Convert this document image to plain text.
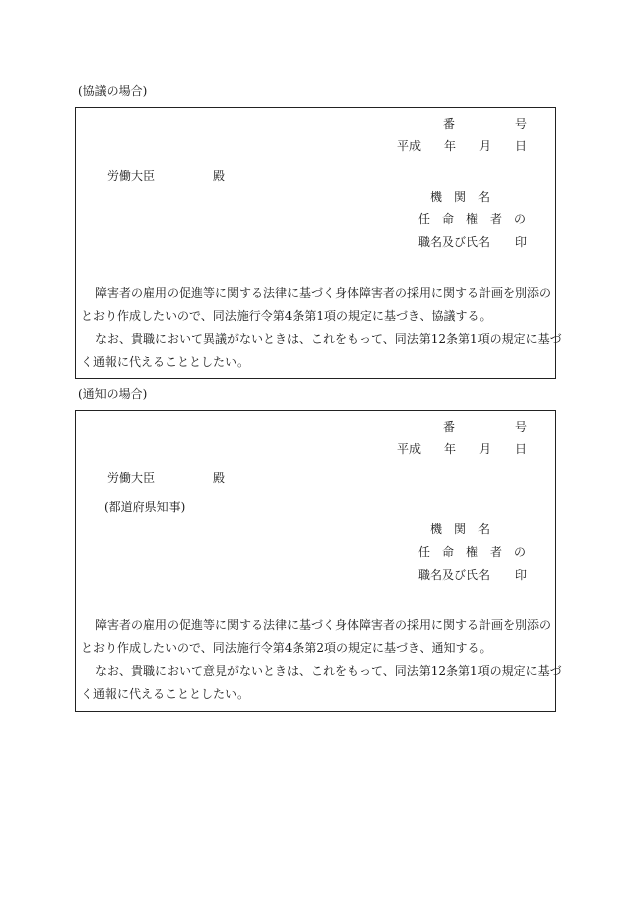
(協議の場合)
番	号
平成 年 月 日
労働大臣	殿
機　関　名
任　命　権　者　の
職名及び氏名 印
障害者の雇用の促進等に関する法律に基づく身体障害者の採用に関する計画を別添の
とおり作成したいので、同法施行令第4条第1項の規定に基づき、協議する。
なお、貴職において異議がないときは、これをもって、同法第12条第1項の規定に基づ
く通報に代えることとしたい。
(通知の場合)
番	号
平成 年 月 日
労働大臣	殿
(都道府県知事)
機　関　名
任　命　権　者　の
職名及び氏名 印
障害者の雇用の促進等に関する法律に基づく身体障害者の採用に関する計画を別添の
とおり作成したいので、同法施行令第4条第2項の規定に基づき、通知する。
なお、貴職において意見がないときは、これをもって、同法第12条第1項の規定に基づ
く通報に代えることとしたい。
